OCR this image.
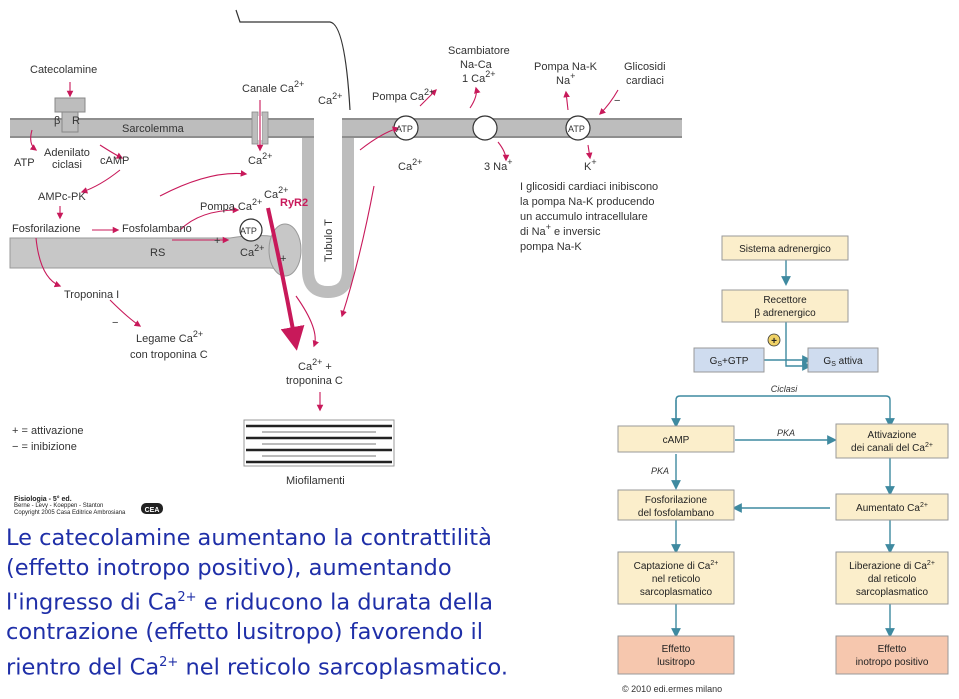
Catecolamine
β R
Sarcolemma
ATP
Adenilato
ciclasi cAMP
AMPc-PK
Fosforilazione	Fosfolambano
RS
Troponina I
−
Legame $Ca^{2+}$
con troponina C
Canale $Ca^{2+}$
$Ca^{2+}$
$Ca^{2+}$
$Ca^{2+}$
Pompa $Ca^{2+}$ RyR2
ATP
+
$Ca^{2+}$
+	Tubulo T
$Ca^{2+}$ +
troponina C
Miofilamenti
+ = attivazione
− = inibizione
Pompa $Ca^{2+}$
ATP
$Ca^{2+}$
Scambiatore
Na-Ca
1 $Ca^{2+}$
3 Na+
Pompa Na-K
Na+
ATP
K+
Glicosidi
cardiaci
−
I glicosidi cardiaci inibiscono
la pompa Na-K producendo
un accumulo intracellulare
di Na+ e inversic
pompa Na-K
CEA
+
Sistema adrenergico
Recettore
β adrenergico
$G_S+GTP$	$G_S$ attiva
Ciclasi
cAMP
PKA	Attivazione
dei canali del $Ca^{2+}$
PKA
Fosforilazione
del fosfolambano	Aumentato $Ca^{2+}$
Captazione di $Ca^{2+}$
nel reticolo
sarcoplasmatico
Liberazione di $Ca^{2+}$
dal reticolo
sarcoplasmatico
Effetto
lusitropo
Effetto
inotropo positivo
Fisiologia - 5° ed.
Berne - Levy - Koeppen - Stanton
Copyright 2005 Casa Editrice Ambrosiana
© 2010 edi.ermes milano

Le catecolamine aumentano la contrattilità
(effetto inotropo positivo), aumentando
l'ingresso di $Ca^{2+}$ e riducono la durata della
contrazione (effetto lusitropo) favorendo il
rientro del $Ca^{2+}$ nel reticolo sarcoplasmatico.
